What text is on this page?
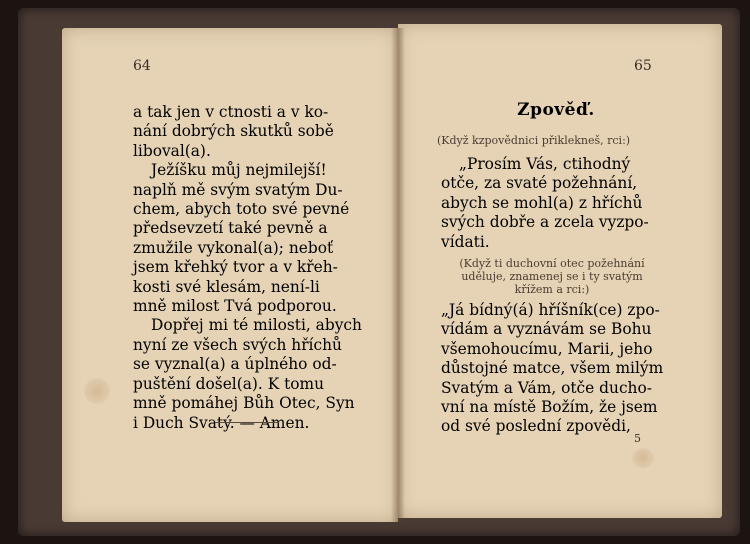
64
a tak jen v ctnosti a v ko-
nání dobrých skutků sobě
liboval(a).
Ježíšku můj nejmilejší!
naplň mě svým svatým Du-
chem, abych toto své pevné
předsevzetí také pevně a
zmužile vykonal(a); neboť
jsem křehký tvor a v křeh-
kosti své klesám, není-li
mně milost Tvá podporou.
Dopřej mi té milosti, abych
nyní ze všech svých hříchů
se vyznal(a) a úplného od-
puštění došel(a). K tomu
mně pomáhej Bůh Otec, Syn
i Duch Svatý. — Amen.
65
Zpověď.
(Když kzpovědnici přiklekneš, rci:)
„Prosím Vás, ctihodný
otče, za svaté požehnání,
abych se mohl(a) z hříchů
svých dobře a zcela vyzpo-
vídati.
(Když ti duchovní otec požehnání
uděluje, znamenej se i ty svatým
křížem a rci:)
„Já bídný(á) hříšník(ce) zpo-
vídám a vyznávám se Bohu
všemohoucímu, Marii, jeho
důstojné matce, všem milým
Svatým a Vám, otče ducho-
vní na místě Božím, že jsem
od své poslední zpovědi,
5
